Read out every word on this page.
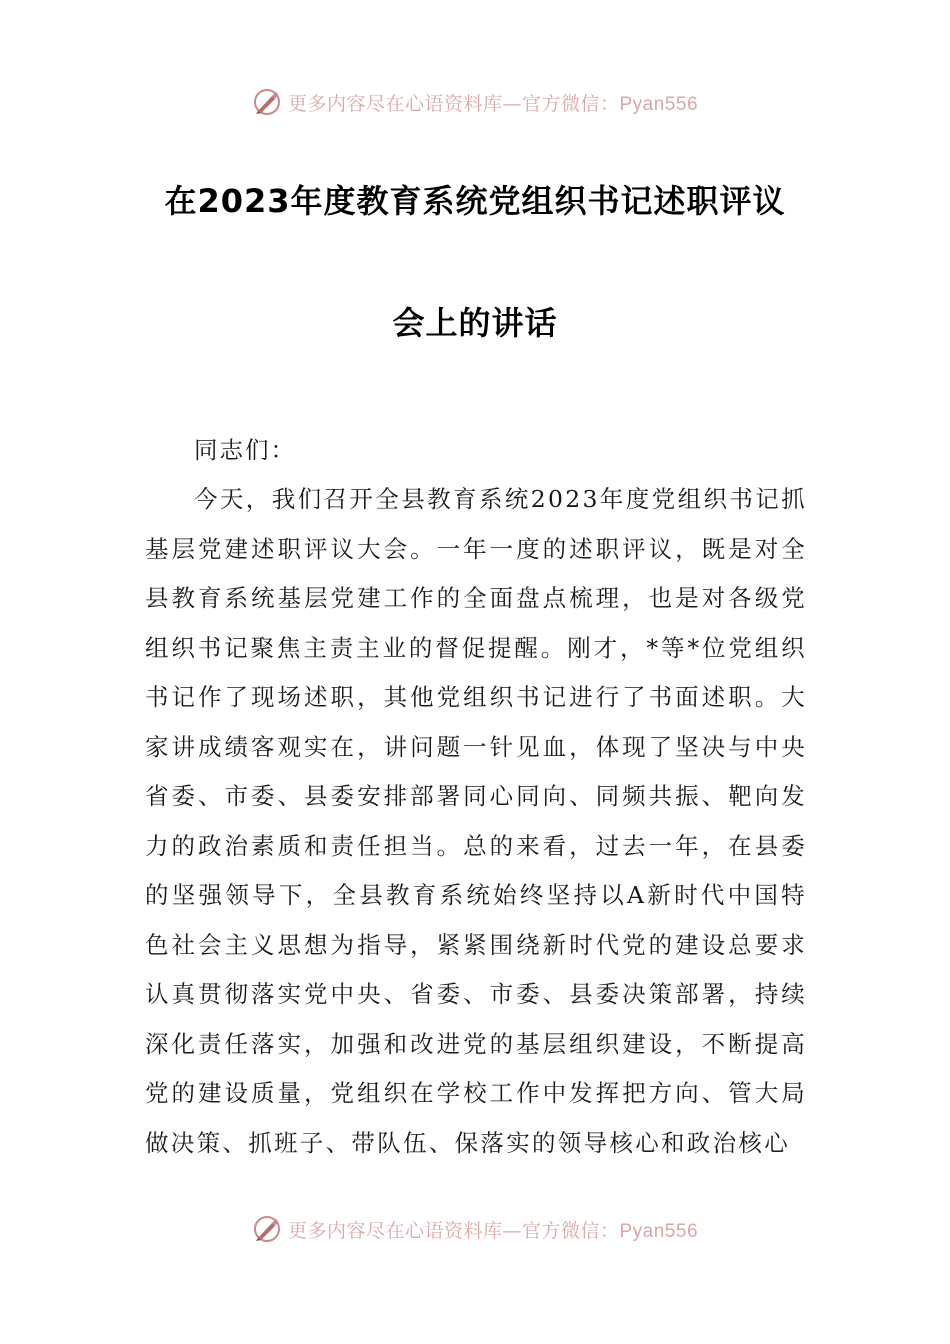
更多内容尽在心语资料库—官方微信：Pyan556
在2023年度教育系统党组织书记述职评议
会上的讲话
同志们：
今天，我们召开全县教育系统2023年度党组织书记抓基层党建述职评议大会。一年一度的述职评议，既是对全县教育系统基层党建工作的全面盘点梳理，也是对各级党组织书记聚焦主责主业的督促提醒。刚才，*等*位党组织书记作了现场述职，其他党组织书记进行了书面述职。大家讲成绩客观实在，讲问题一针见血，体现了坚决与中央省委、市委、县委安排部署同心同向、同频共振、靶向发力的政治素质和责任担当。总的来看，过去一年，在县委的坚强领导下，全县教育系统始终坚持以A新时代中国特色社会主义思想为指导，紧紧围绕新时代党的建设总要求认真贯彻落实党中央、省委、市委、县委决策部署，持续深化责任落实，加强和改进党的基层组织建设，不断提高党的建设质量，党组织在学校工作中发挥把方向、管大局做决策、抓班子、带队伍、保落实的领导核心和政治核心
更多内容尽在心语资料库—官方微信：Pyan556
